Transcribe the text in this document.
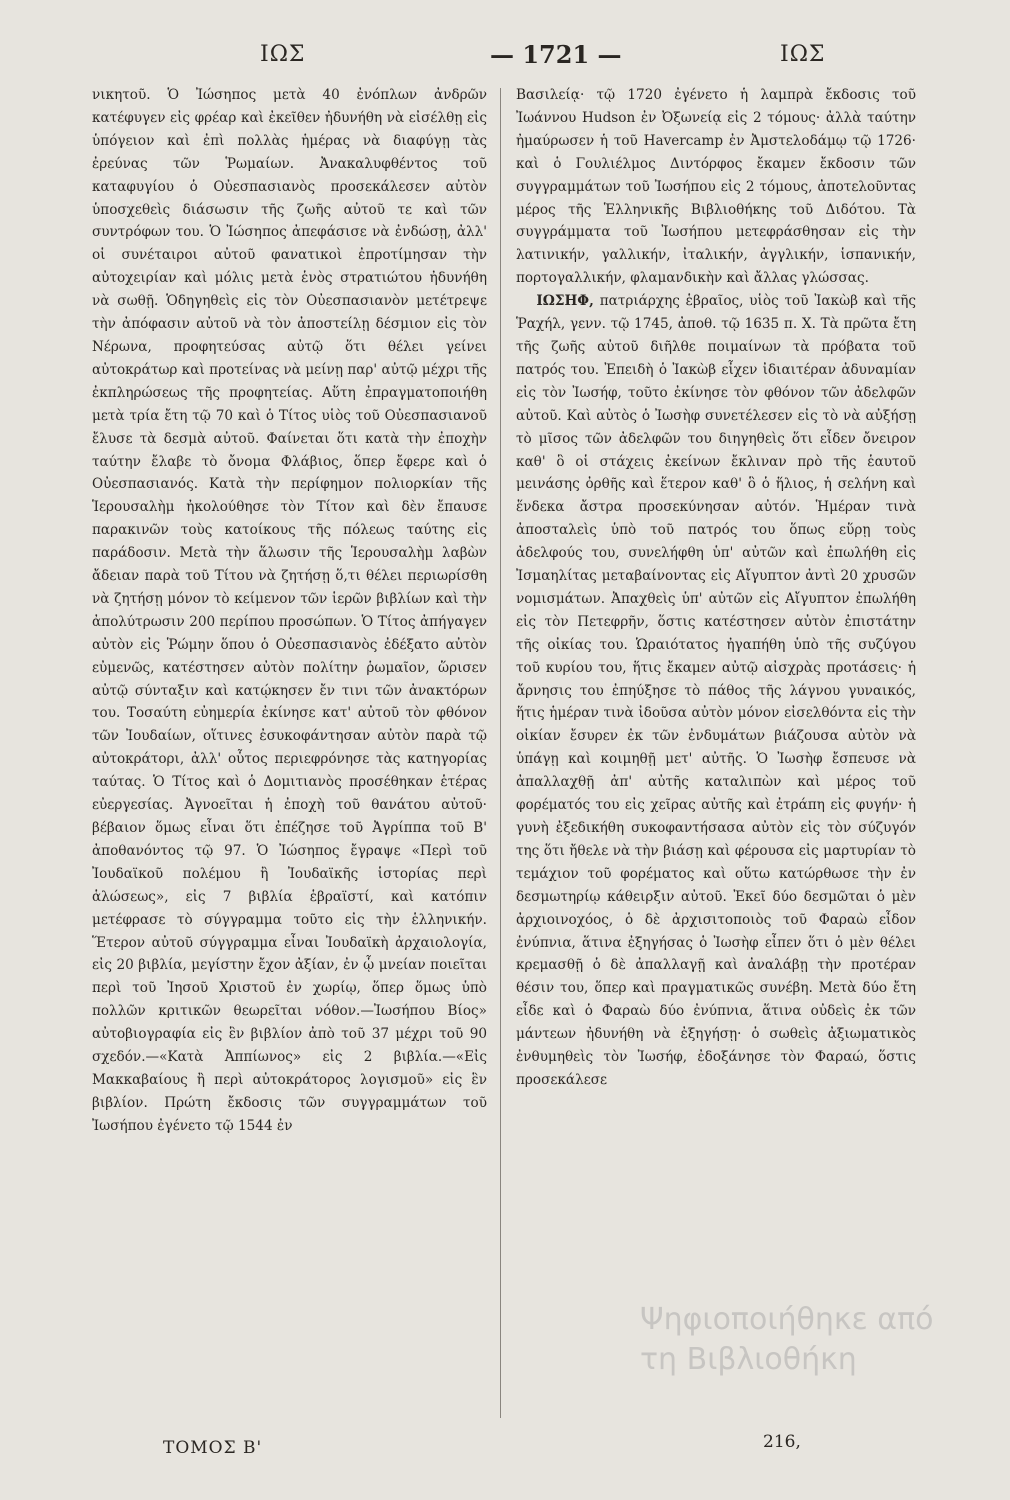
ΙΩΣ	— 1721 —	ΙΩΣ

νικητοῦ. Ὁ Ἰώσηπος μετὰ 40 ἐνόπλων ἀνδρῶν κατέφυγεν εἰς φρέαρ καὶ ἐκεῖθεν ἠδυνήθη νὰ εἰσέλθῃ εἰς ὑπόγειον καὶ ἐπὶ πολλὰς ἡμέρας νὰ διαφύγῃ τὰς ἐρεύνας τῶν Ῥωμαίων. Ἀνακαλυφθέντος τοῦ καταφυγίου ὁ Οὐεσπασιανὸς προσεκάλεσεν αὐτὸν ὑποσχεθεὶς διάσωσιν τῆς ζωῆς αὐτοῦ τε καὶ τῶν συντρόφων του. Ὁ Ἰώσηπος ἀπεφάσισε νὰ ἐνδώσῃ, ἀλλ' οἱ συνέταιροι αὐτοῦ φανατικοὶ ἐπροτίμησαν τὴν αὐτοχειρίαν καὶ μόλις μετὰ ἑνὸς στρατιώτου ἠδυνήθη νὰ σωθῇ. Ὁδηγηθεὶς εἰς τὸν Οὐεσπασιανὸν μετέτρεψε τὴν ἀπόφασιν αὐτοῦ νὰ τὸν ἀποστείλῃ δέσμιον εἰς τὸν Νέρωνα, προφητεύσας αὐτῷ ὅτι θέλει γείνει αὐτοκράτωρ καὶ προτείνας νὰ μείνῃ παρ' αὐτῷ μέχρι τῆς ἐκπληρώσεως τῆς προφητείας. Αὕτη ἐπραγματοποιήθη μετὰ τρία ἔτη τῷ 70 καὶ ὁ Τίτος υἱὸς τοῦ Οὐεσπασιανοῦ ἔλυσε τὰ δεσμὰ αὐτοῦ. Φαίνεται ὅτι κατὰ τὴν ἐποχὴν ταύτην ἔλαβε τὸ ὄνομα Φλάβιος, ὅπερ ἔφερε καὶ ὁ Οὐεσπασιανός. Κατὰ τὴν περίφημον πολιορκίαν τῆς Ἱερουσαλὴμ ἠκολούθησε τὸν Τίτον καὶ δὲν ἔπαυσε παρακινῶν τοὺς κατοίκους τῆς πόλεως ταύτης εἰς παράδοσιν. Μετὰ τὴν ἅλωσιν τῆς Ἱερουσαλὴμ λαβὼν ἄδειαν παρὰ τοῦ Τίτου νὰ ζητήσῃ ὅ,τι θέλει περιωρίσθη νὰ ζητήσῃ μόνον τὸ κείμενον τῶν ἱερῶν βιβλίων καὶ τὴν ἀπολύτρωσιν 200 περίπου προσώπων. Ὁ Τίτος ἀπήγαγεν αὐτὸν εἰς Ῥώμην ὅπου ὁ Οὐεσπασιανὸς ἐδέξατο αὐτὸν εὐμενῶς, κατέστησεν αὐτὸν πολίτην ῥωμαῖον, ὥρισεν αὐτῷ σύνταξιν καὶ κατῴκησεν ἔν τινι τῶν ἀνακτόρων του. Τοσαύτη εὐημερία ἐκίνησε κατ' αὐτοῦ τὸν φθόνον τῶν Ἰουδαίων, οἵτινες ἐσυκοφάντησαν αὐτὸν παρὰ τῷ αὐτοκράτορι, ἀλλ' οὗτος περιεφρόνησε τὰς κατηγορίας ταύτας. Ὁ Τίτος καὶ ὁ Δομιτιανὸς προσέθηκαν ἑτέρας εὐεργεσίας. Ἀγνοεῖται ἡ ἐποχὴ τοῦ θανάτου αὐτοῦ· βέβαιον ὅμως εἶναι ὅτι ἐπέζησε τοῦ Ἀγρίππα τοῦ Β' ἀποθανόντος τῷ 97. Ὁ Ἰώσηπος ἔγραψε «Περὶ τοῦ Ἰουδαϊκοῦ πολέμου ἢ Ἰουδαϊκῆς ἱστορίας περὶ ἁλώσεως», εἰς 7 βιβλία ἑβραϊστί, καὶ κατόπιν μετέφρασε τὸ σύγγραμμα τοῦτο εἰς τὴν ἑλληνικήν. Ἕτερον αὐτοῦ σύγγραμμα εἶναι Ἰουδαϊκὴ ἀρχαιολογία, εἰς 20 βιβλία, μεγίστην ἔχον ἀξίαν, ἐν ᾧ μνείαν ποιεῖται περὶ τοῦ Ἰησοῦ Χριστοῦ ἐν χωρίῳ, ὅπερ ὅμως ὑπὸ πολλῶν κριτικῶν θεωρεῖται νόθον.—Ἰωσήπου Βίος» αὐτοβιογραφία εἰς ἓν βιβλίον ἀπὸ τοῦ 37 μέχρι τοῦ 90 σχεδόν.—«Κατὰ Ἀππίωνος» εἰς 2 βιβλία.—«Εἰς Μακκαβαίους ἢ περὶ αὐτοκράτορος λογισμοῦ» εἰς ἓν βιβλίον. Πρώτη ἔκδοσις τῶν συγγραμμάτων τοῦ Ἰωσήπου ἐγένετο τῷ 1544 ἐν

Βασιλείᾳ· τῷ 1720 ἐγένετο ἡ λαμπρὰ ἔκδοσις τοῦ Ἰωάννου Hudson ἐν Ὀξωνείᾳ εἰς 2 τόμους· ἀλλὰ ταύτην ἠμαύρωσεν ἡ τοῦ Havercamp ἐν Ἀμστελοδάμῳ τῷ 1726· καὶ ὁ Γουλιέλμος Διντόρφος ἔκαμεν ἔκδοσιν τῶν συγγραμμάτων τοῦ Ἰωσήπου εἰς 2 τόμους, ἀποτελοῦντας μέρος τῆς Ἑλληνικῆς Βιβλιοθήκης τοῦ Διδότου. Τὰ συγγράμματα τοῦ Ἰωσήπου μετεφράσθησαν εἰς τὴν λατινικήν, γαλλικήν, ἰταλικήν, ἀγγλικήν, ἱσπανικήν, πορτογαλλικήν, φλαμανδικὴν καὶ ἄλλας γλώσσας.

ΙΩΣΗΦ, πατριάρχης ἑβραῖος, υἱὸς τοῦ Ἰακὼβ καὶ τῆς Ῥαχήλ, γενν. τῷ 1745, ἀποθ. τῷ 1635 π. Χ. Τὰ πρῶτα ἔτη τῆς ζωῆς αὐτοῦ διῆλθε ποιμαίνων τὰ πρόβατα τοῦ πατρός του. Ἐπειδὴ ὁ Ἰακὼβ εἶχεν ἰδιαιτέραν ἀδυναμίαν εἰς τὸν Ἰωσήφ, τοῦτο ἐκίνησε τὸν φθόνον τῶν ἀδελφῶν αὐτοῦ. Καὶ αὐτὸς ὁ Ἰωσὴφ συνετέλεσεν εἰς τὸ νὰ αὐξήσῃ τὸ μῖσος τῶν ἀδελφῶν του διηγηθεὶς ὅτι εἶδεν ὄνειρον καθ' ὃ οἱ στάχεις ἐκείνων ἔκλιναν πρὸ τῆς ἑαυτοῦ μεινάσης ὀρθῆς καὶ ἕτερον καθ' ὃ ὁ ἥλιος, ἡ σελήνη καὶ ἕνδεκα ἄστρα προσεκύνησαν αὐτόν. Ἡμέραν τινὰ ἀποσταλεὶς ὑπὸ τοῦ πατρός του ὅπως εὕρῃ τοὺς ἀδελφούς του, συνελήφθη ὑπ' αὐτῶν καὶ ἐπωλήθη εἰς Ἰσμαηλίτας μεταβαίνοντας εἰς Αἴγυπτον ἀντὶ 20 χρυσῶν νομισμάτων. Ἀπαχθεὶς ὑπ' αὐτῶν εἰς Αἴγυπτον ἐπωλήθη εἰς τὸν Πετεφρῆν, ὅστις κατέστησεν αὐτὸν ἐπιστάτην τῆς οἰκίας του. Ὡραιότατος ἠγαπήθη ὑπὸ τῆς συζύγου τοῦ κυρίου του, ἥτις ἔκαμεν αὐτῷ αἰσχρὰς προτάσεις· ἡ ἄρνησις του ἐπηύξησε τὸ πάθος τῆς λάγνου γυναικός, ἥτις ἡμέραν τινὰ ἰδοῦσα αὐτὸν μόνον εἰσελθόντα εἰς τὴν οἰκίαν ἔσυρεν ἐκ τῶν ἐνδυμάτων βιάζουσα αὐτὸν νὰ ὑπάγῃ καὶ κοιμηθῇ μετ' αὐτῆς. Ὁ Ἰωσὴφ ἔσπευσε νὰ ἀπαλλαχθῇ ἀπ' αὐτῆς καταλιπὼν καὶ μέρος τοῦ φορέματός του εἰς χεῖρας αὐτῆς καὶ ἐτράπη εἰς φυγήν· ἡ γυνὴ ἐξεδικήθη συκοφαντήσασα αὐτὸν εἰς τὸν σύζυγόν της ὅτι ἤθελε νὰ τὴν βιάσῃ καὶ φέρουσα εἰς μαρτυρίαν τὸ τεμάχιον τοῦ φορέματος καὶ οὕτω κατώρθωσε τὴν ἐν δεσμωτηρίῳ κάθειρξιν αὐτοῦ. Ἐκεῖ δύο δεσμῶται ὁ μὲν ἀρχιοινοχόος, ὁ δὲ ἀρχισιτοποιὸς τοῦ Φαραὼ εἶδον ἐνύπνια, ἅτινα ἐξηγήσας ὁ Ἰωσὴφ εἶπεν ὅτι ὁ μὲν θέλει κρεμασθῇ ὁ δὲ ἀπαλλαγῇ καὶ ἀναλάβῃ τὴν προτέραν θέσιν του, ὅπερ καὶ πραγματικῶς συνέβη. Μετὰ δύο ἔτη εἶδε καὶ ὁ Φαραὼ δύο ἐνύπνια, ἅτινα οὐδεὶς ἐκ τῶν μάντεων ἠδυνήθη νὰ ἐξηγήσῃ· ὁ σωθεὶς ἀξιωματικὸς ἐνθυμηθεὶς τὸν Ἰωσήφ, ἐδοξάνησε τὸν Φαραώ, ὅστις προσεκάλεσε

ΤΟΜΟΣ Β'	216,
Ψηφιοποιήθηκε από τη Βιβλιοθήκη
